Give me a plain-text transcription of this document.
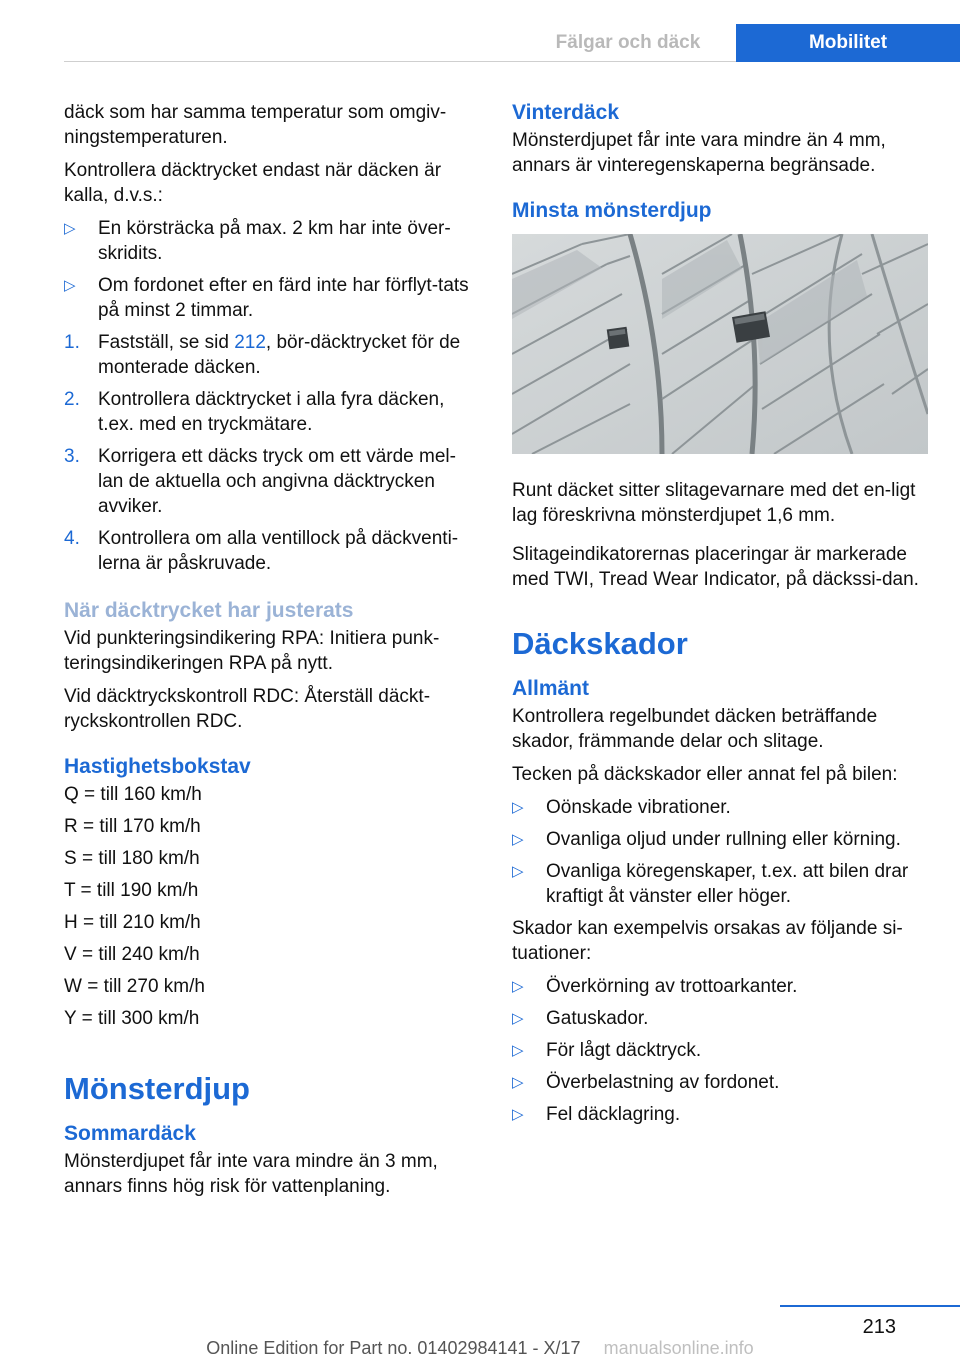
Fälgar och däck	Mobilitet

däck som har samma temperatur som omgiv-ningstemperaturen.

Kontrollera däcktrycket endast när däcken är kalla, d.v.s.:

▷ En körsträcka på max. 2 km har inte över-skridits.
▷ Om fordonet efter en färd inte har förflyt-tats på minst 2 timmar.
1. Fastställ, se sid 212, bör-däcktrycket för de monterade däcken.
2. Kontrollera däcktrycket i alla fyra däcken, t.ex. med en tryckmätare.
3. Korrigera ett däcks tryck om ett värde mel-lan de aktuella och angivna däcktrycken avviker.
4. Kontrollera om alla ventillock på däckventi-lerna är påskruvade.
När däcktrycket har justerats

Vid punkteringsindikering RPA: Initiera punk-teringsindikeringen RPA på nytt.

Vid däcktryckskontroll RDC: Återställ däckt-ryckskontrollen RDC.

Hastighetsbokstav

Q = till 160 km/h

R = till 170 km/h

S = till 180 km/h

T = till 190 km/h

H = till 210 km/h

V = till 240 km/h

W = till 270 km/h

Y = till 300 km/h

Mönsterdjup
Sommardäck

Mönsterdjupet får inte vara mindre än 3 mm, annars finns hög risk för vattenplaning.

Vinterdäck

Mönsterdjupet får inte vara mindre än 4 mm, annars är vinteregenskaperna begränsade.

Minsta mönsterdjup

Runt däcket sitter slitagevarnare med det en-ligt lag föreskrivna mönsterdjupet 1,6 mm.

Slitageindikatorernas placeringar är markerade med TWI, Tread Wear Indicator, på däckssi-dan.

Däckskador
Allmänt

Kontrollera regelbundet däcken beträffande skador, främmande delar och slitage.

Tecken på däckskador eller annat fel på bilen:

▷ Oönskade vibrationer.
▷ Ovanliga oljud under rullning eller körning.
▷ Ovanliga köregenskaper, t.ex. att bilen drar kraftigt åt vänster eller höger.

Skador kan exempelvis orsakas av följande si-tuationer:

▷ Överkörning av trottoarkanter.
▷ Gatuskador.
▷ För lågt däcktryck.
▷ Överbelastning av fordonet.
▷ Fel däcklagring.
213
Online Edition for Part no. 01402984141 - X/17 manualsonline.info
